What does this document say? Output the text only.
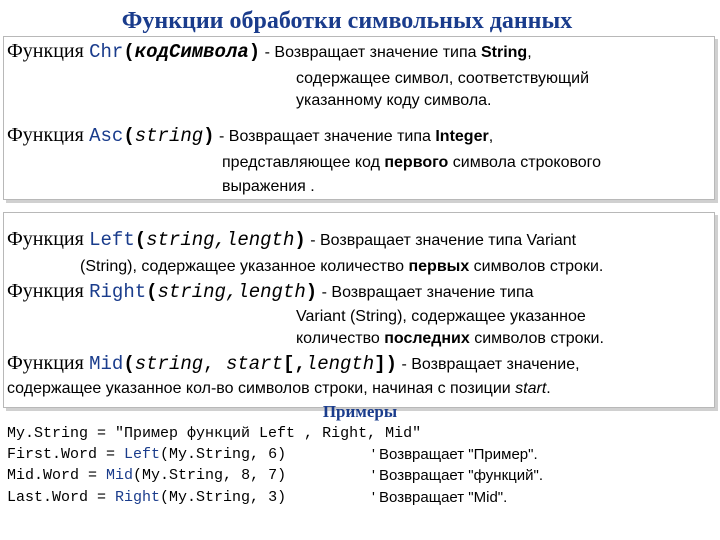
Функции обработки символьных данных
Функция Chr(кодСимвола) - Возвращает значение типа String,
содержащее символ, соответствующий
указанному коду символа.
Функция Asc(string) - Возвращает значение типа Integer,
представляющее код первого символа строкового
выражения .
Функция Left(string,length) - Возвращает значение типа Variant
(String), содержащее указанное количество первых символов строки.
Функция Right(string,length) - Возвращает значение типа
Variant (String), содержащее указанное
количество последних символов строки.
Функция Mid(string, start[,length]) - Возвращает значение,
содержащее указанное кол-во символов строки, начиная с позиции start.
Примеры
My.String = "Пример функций Left , Right, Mid"
First.Word = Left(My.String, 6)	' Возвращает "Пример".
Mid.Word = Mid(My.String, 8, 7)	' Возвращает "функций".
Last.Word = Right(My.String, 3)	' Возвращает "Mid".
